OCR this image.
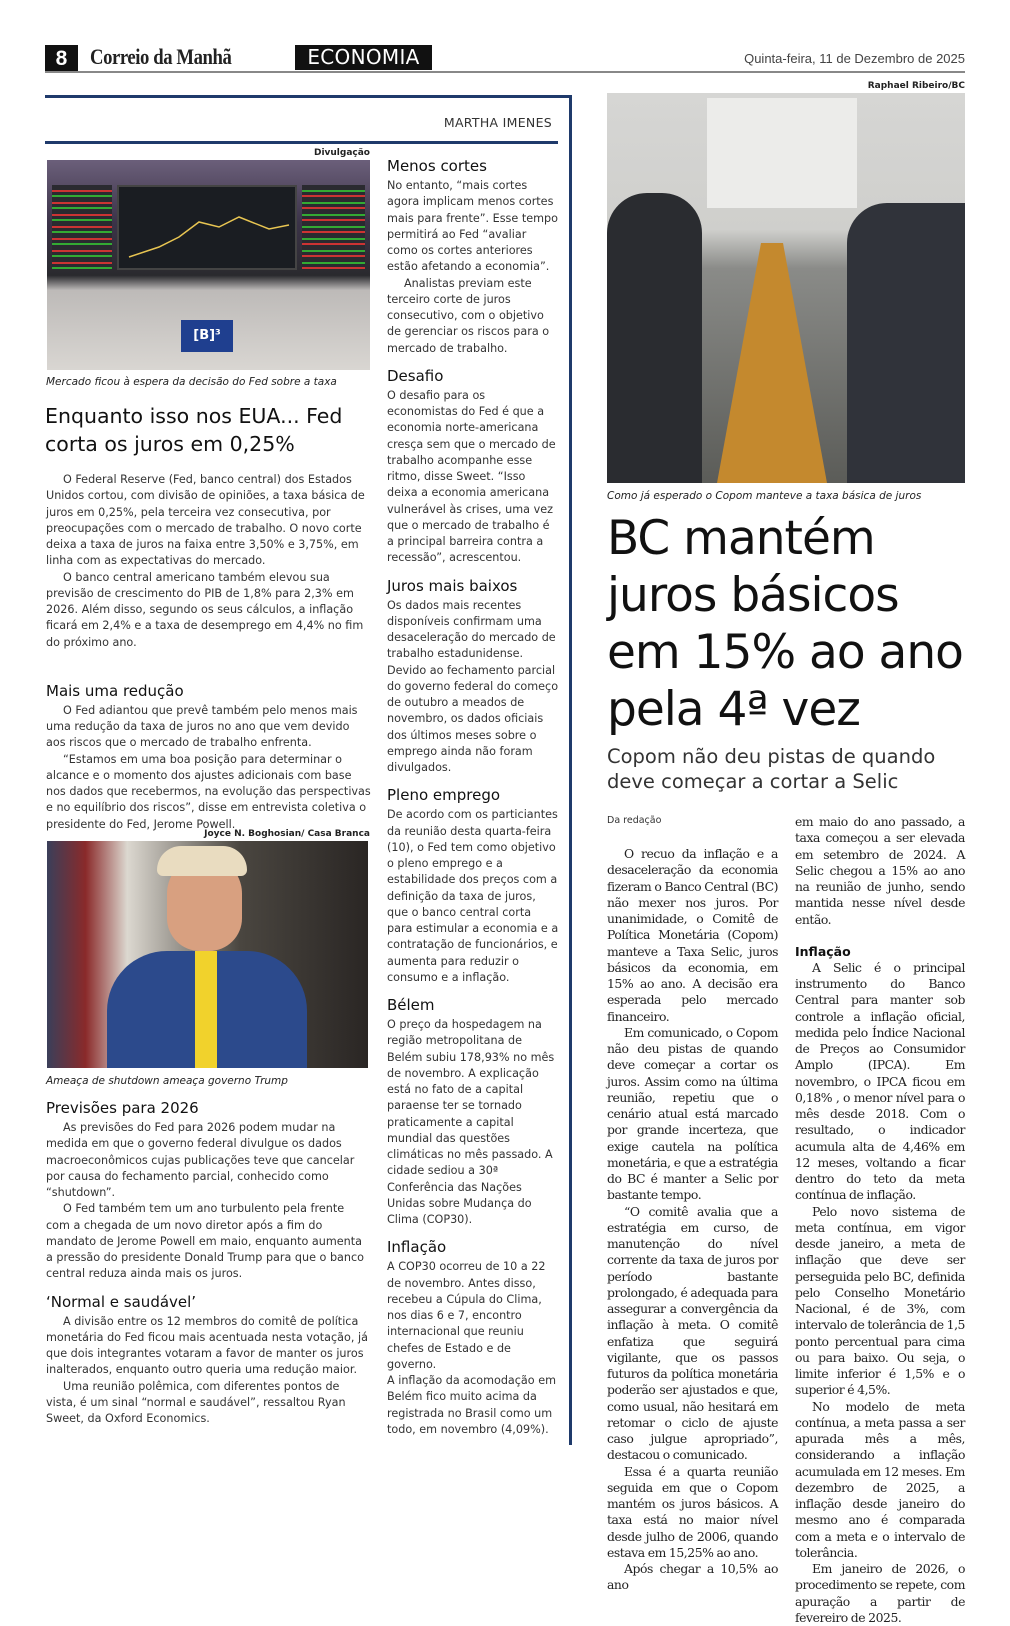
8	Correio da Manhã	ECONOMIA	Quinta-feira, 11 de Dezembro de 2025
MARTHA IMENES
Divulgação
[B]³
Mercado ficou à espera da decisão do Fed sobre a taxa
Enquanto isso nos EUA... Fed corta os juros em 0,25%

O Federal Reserve (Fed, banco central) dos Estados Unidos cortou, com divisão de opiniões, a taxa básica de juros em 0,25%, pela terceira vez consecutiva, por preocupações com o mercado de trabalho. O novo corte deixa a taxa de juros na faixa entre 3,50% e 3,75%, em linha com as expectativas do mercado.

O banco central americano também elevou sua previsão de crescimento do PIB de 1,8% para 2,3% em 2026. Além disso, segundo os seus cálculos, a inflação ficará em 2,4% e a taxa de desemprego em 4,4% no fim do próximo ano.

Mais uma redução

O Fed adiantou que prevê também pelo menos mais uma redução da taxa de juros no ano que vem devido aos riscos que o mercado de trabalho enfrenta.

“Estamos em uma boa posição para determinar o alcance e o momento dos ajustes adicionais com base nos dados que recebermos, na evolução das perspectivas e no equilíbrio dos riscos”, disse em entrevista coletiva o presidente do Fed, Jerome Powell.

Joyce N. Boghosian/ Casa Branca
Ameaça de shutdown ameaça governo Trump
Previsões para 2026

As previsões do Fed para 2026 podem mudar na medida em que o governo federal divulgue os dados macroeconômicos cujas publicações teve que cancelar por causa do fechamento parcial, conhecido como “shutdown”.

O Fed também tem um ano turbulento pela frente com a chegada de um novo diretor após a fim do mandato de Jerome Powell em maio, enquanto aumenta a pressão do presidente Donald Trump para que o banco central reduza ainda mais os juros.

‘Normal e saudável’

A divisão entre os 12 membros do comitê de política monetária do Fed ficou mais acentuada nesta votação, já que dois integrantes votaram a favor de manter os juros inalterados, enquanto outro queria uma redução maior.

Uma reunião polêmica, com diferentes pontos de vista, é um sinal “normal e saudável”, ressaltou Ryan Sweet, da Oxford Economics.

Menos cortes

No entanto, “mais cortes agora implicam menos cortes mais para frente”. Esse tempo permitirá ao Fed “avaliar como os cortes anteriores estão afetando a economia”.

Analistas previam este terceiro corte de juros consecutivo, com o objetivo de gerenciar os riscos para o mercado de trabalho.

Desafio

O desafio para os economistas do Fed é que a economia norte-americana cresça sem que o mercado de trabalho acompanhe esse ritmo, disse Sweet. “Isso deixa a economia americana vulnerável às crises, uma vez que o mercado de trabalho é a principal barreira contra a recessão”, acrescentou.

Juros mais baixos

Os dados mais recentes disponíveis confirmam uma desaceleração do mercado de trabalho estadunidense. Devido ao fechamento parcial do governo federal do começo de outubro a meados de novembro, os dados oficiais dos últimos meses sobre o emprego ainda não foram divulgados.

Pleno emprego

De acordo com os particiantes da reunião desta quarta-feira (10), o Fed tem como objetivo o pleno emprego e a estabilidade dos preços com a definição da taxa de juros, que o banco central corta para estimular a economia e a contratação de funcionários, e aumenta para reduzir o consumo e a inflação.

Bélem

O preço da hospedagem na região metropolitana de Belém subiu 178,93% no mês de novembro. A explicação está no fato de a capital paraense ter se tornado praticamente a capital mundial das questões climáticas no mês passado. A cidade sediou a 30ª Conferência das Nações Unidas sobre Mudança do Clima (COP30).

Inflação

A COP30 ocorreu de 10 a 22 de novembro. Antes disso, recebeu a Cúpula do Clima, nos dias 6 e 7, encontro internacional que reuniu chefes de Estado e de governo.

A inflação da acomodação em Belém fico muito acima da registrada no Brasil como um todo, em novembro (4,09%).

Raphael Ribeiro/BC
Como já esperado o Copom manteve a taxa básica de juros
BC mantém juros básicos em 15% ao ano pela 4ª vez
Copom não deu pistas de quando deve começar a cortar a Selic
Da redação

O recuo da inflação e a desaceleração da economia fizeram o Banco Central (BC) não mexer nos juros. Por unanimidade, o Comitê de Política Monetária (Copom) manteve a Taxa Selic, juros básicos da economia, em 15% ao ano. A decisão era esperada pelo mercado financeiro.

Em comunicado, o Copom não deu pistas de quando deve começar a cortar os juros. Assim como na última reunião, repetiu que o cenário atual está marcado por grande incerteza, que exige cautela na política monetária, e que a estratégia do BC é manter a Selic por bastante tempo.

“O comitê avalia que a estratégia em curso, de manutenção do nível corrente da taxa de juros por período bastante prolongado, é adequada para assegurar a convergência da inflação à meta. O comitê enfatiza que seguirá vigilante, que os passos futuros da política monetária poderão ser ajustados e que, como usual, não hesitará em retomar o ciclo de ajuste caso julgue apropriado”, destacou o comunicado.

Essa é a quarta reunião seguida em que o Copom mantém os juros básicos. A taxa está no maior nível desde julho de 2006, quando estava em 15,25% ao ano.

Após chegar a 10,5% ao ano

em maio do ano passado, a taxa começou a ser elevada em setembro de 2024. A Selic chegou a 15% ao ano na reunião de junho, sendo mantida nesse nível desde então.

Inflação

A Selic é o principal instrumento do Banco Central para manter sob controle a inflação oficial, medida pelo Índice Nacional de Preços ao Consumidor Amplo (IPCA). Em novembro, o IPCA ficou em 0,18% , o menor nível para o mês desde 2018. Com o resultado, o indicador acumula alta de 4,46% em 12 meses, voltando a ficar dentro do teto da meta contínua de inflação.

Pelo novo sistema de meta contínua, em vigor desde janeiro, a meta de inflação que deve ser perseguida pelo BC, definida pelo Conselho Monetário Nacional, é de 3%, com intervalo de tolerância de 1,5 ponto percentual para cima ou para baixo. Ou seja, o limite inferior é 1,5% e o superior é 4,5%.

No modelo de meta contínua, a meta passa a ser apurada mês a mês, considerando a inflação acumulada em 12 meses. Em dezembro de 2025, a inflação desde janeiro do mesmo ano é comparada com a meta e o intervalo de tolerância.

Em janeiro de 2026, o procedimento se repete, com apuração a partir de fevereiro de 2025.
